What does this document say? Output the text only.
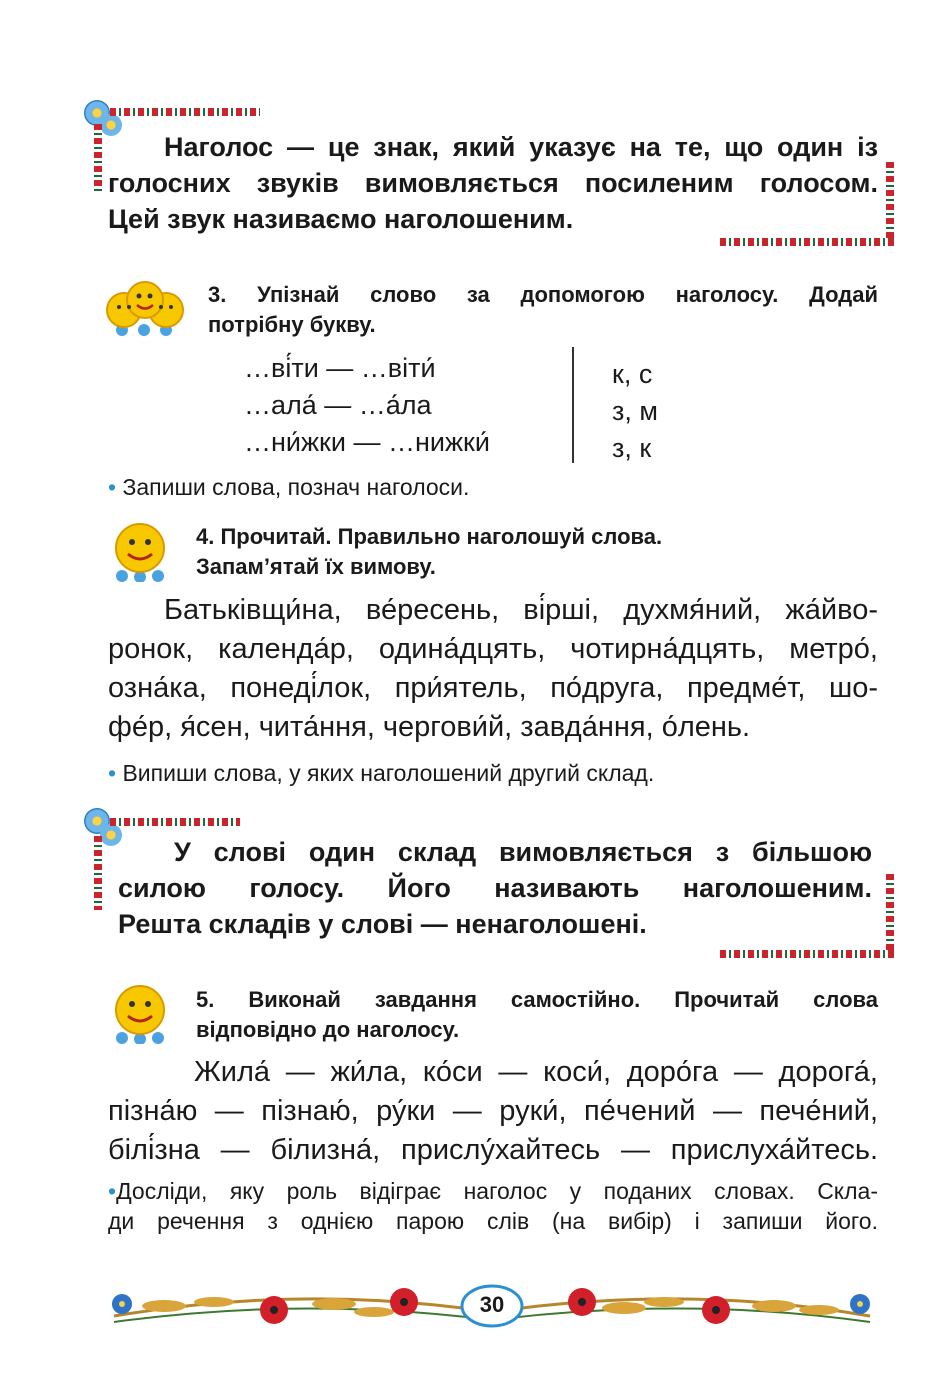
Наголос — це знак, який указує на те, що один із
голосних звуків вимовляється посиленим голосом.
Цей звук називаємо наголошеним.
3. Упізнай слово за допомогою наголосу. Додай
потрібну букву.
…ві́ти — …віти́
…ала́ — …а́ла
…ни́жки — …нижки́
к, с
з, м
з, к
• Запиши слова, познач наголоси.
4. Прочитай. Правильно наголошуй слова.
Запам’ятай їх вимову.
Батьківщи́на, ве́ресень, ві́рші, духмя́ний, жа́йво-
ронок, календа́р, одина́дцять, чотирна́дцять, метро́,
озна́ка, понеді́лок, при́ятель, по́друга, предме́т, шо-
фе́р, я́сен, чита́ння, чергови́й, завда́ння, о́лень.
• Випиши слова, у яких наголошений другий склад.
У слові один склад вимовляється з більшою
силою голосу. Його називають наголошеним.
Решта складів у слові — ненаголошені.
5. Виконай завдання самостійно. Прочитай слова
відповідно до наголосу.
Жила́ — жи́ла, ко́си — коси́, доро́га — дорога́,
пізна́ю — пізнаю́, ру́ки — руки́, пе́чений — пече́ний,
білі́зна — білизна́, прислу́хайтесь — прислуха́йтесь.
•Досліди, яку роль відіграє наголос у поданих словах. Скла-
ди речення з однією парою слів (на вибір) і запиши його.
30
